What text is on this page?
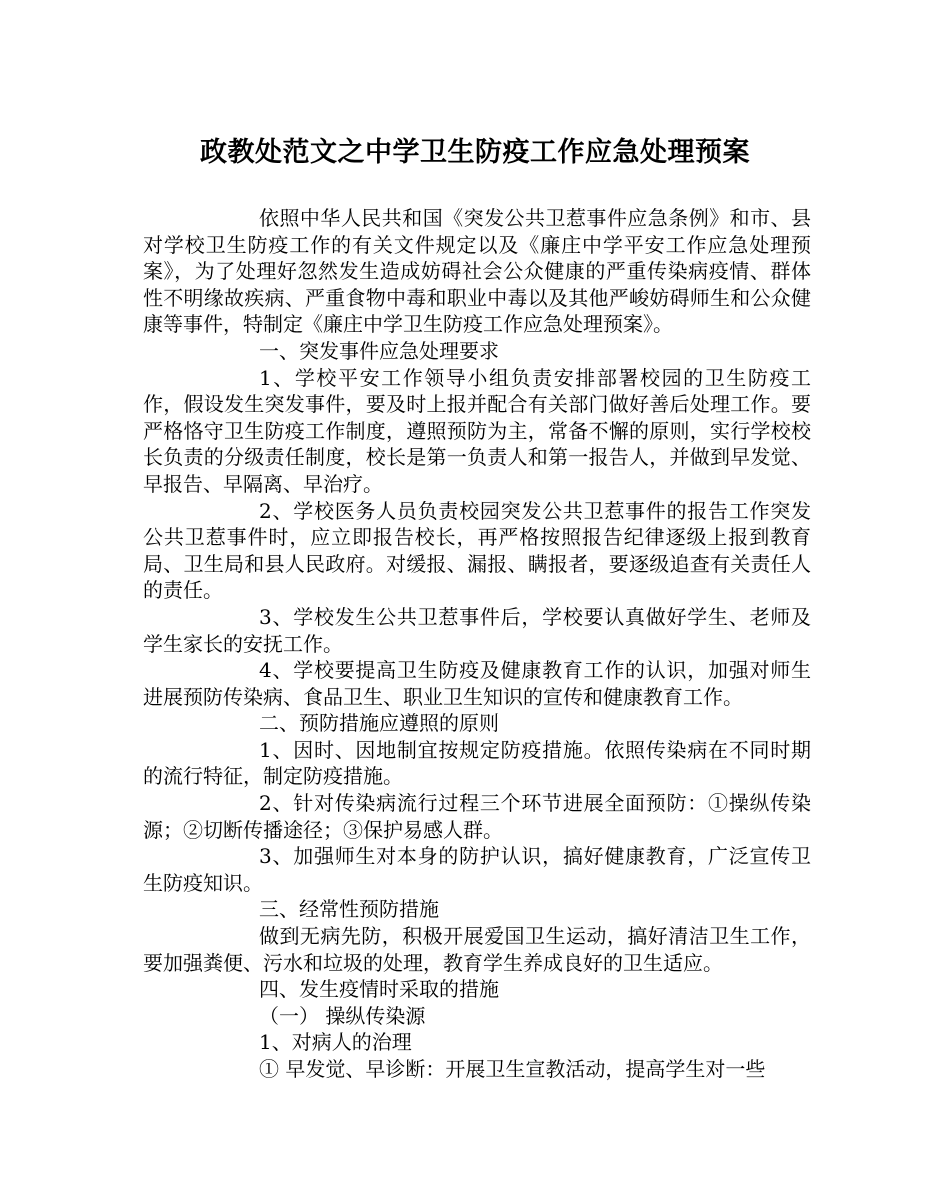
政教处范文之中学卫生防疫工作应急处理预案

依照中华人民共和国《突发公共卫惹事件应急条例》和市、县对学校卫生防疫工作的有关文件规定以及《廉庄中学平安工作应急处理预案》，为了处理好忽然发生造成妨碍社会公众健康的严重传染病疫情、群体性不明缘故疾病、严重食物中毒和职业中毒以及其他严峻妨碍师生和公众健康等事件，特制定《廉庄中学卫生防疫工作应急处理预案》。

一、突发事件应急处理要求

1、学校平安工作领导小组负责安排部署校园的卫生防疫工作，假设发生突发事件，要及时上报并配合有关部门做好善后处理工作。要严格恪守卫生防疫工作制度，遵照预防为主，常备不懈的原则，实行学校校长负责的分级责任制度，校长是第一负责人和第一报告人，并做到早发觉、早报告、早隔离、早治疗。

2、学校医务人员负责校园突发公共卫惹事件的报告工作突发公共卫惹事件时，应立即报告校长，再严格按照报告纪律逐级上报到教育局、卫生局和县人民政府。对缓报、漏报、瞒报者，要逐级追查有关责任人的责任。

3、学校发生公共卫惹事件后，学校要认真做好学生、老师及学生家长的安抚工作。

4、学校要提高卫生防疫及健康教育工作的认识，加强对师生进展预防传染病、食品卫生、职业卫生知识的宣传和健康教育工作。

二、预防措施应遵照的原则

1、因时、因地制宜按规定防疫措施。依照传染病在不同时期的流行特征，制定防疫措施。

2、针对传染病流行过程三个环节进展全面预防：①操纵传染源；②切断传播途径；③保护易感人群。

3、加强师生对本身的防护认识，搞好健康教育，广泛宣传卫生防疫知识。

三、经常性预防措施

做到无病先防，积极开展爱国卫生运动，搞好清洁卫生工作，要加强粪便、污水和垃圾的处理，教育学生养成良好的卫生适应。

四、发生疫情时采取的措施

（一） 操纵传染源

1、对病人的治理

① 早发觉、早诊断：开展卫生宣教活动，提高学生对一些
